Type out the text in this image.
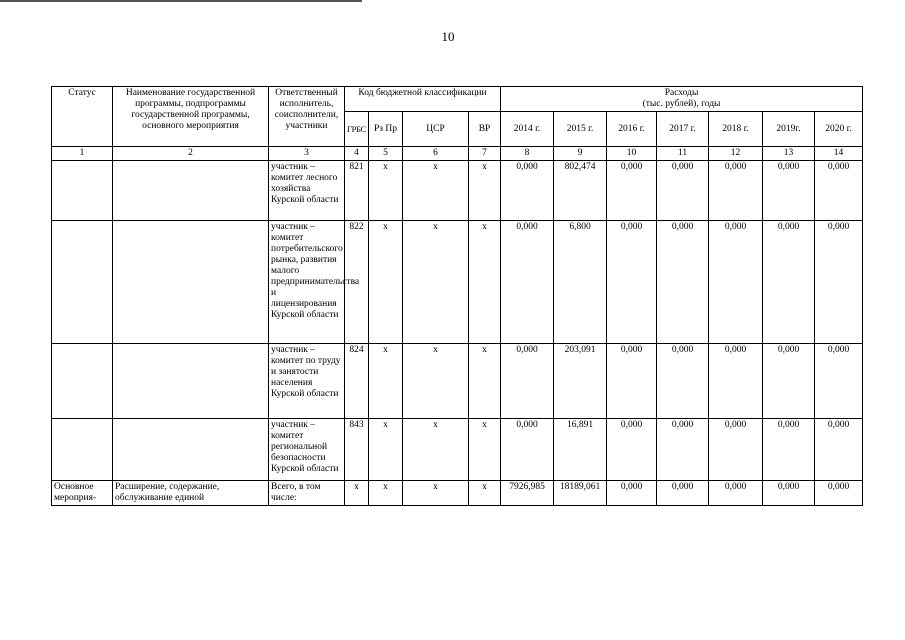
10
Статус	Наименование государственной программы, подпрограммы государственной программы, основного мероприятия	Ответственный исполнитель, соисполнители, участники	Код бюджетной классификации				Расходы
(тыс. рублей), годы						

			ГРБС	Рз Пр	ЦСР	ВР	2014 г.	2015 г.	2016 г.	2017 г.	2018 г.	2019г.	2020 г.
1	2	3	4	5	6	7	8	9	10	11	12	13	14
		участник – комитет лесного хозяйства Курской области	821	х	х	х	0,000	802,474	0,000	0,000	0,000	0,000	0,000
		участник – комитет потребительского рынка, развития малого предпринимательства и лицензирования Курской области	822	х	х	х	0,000	6,800	0,000	0,000	0,000	0,000	0,000
		участник – комитет по труду и занятости населения Курской области	824	х	х	х	0,000	203,091	0,000	0,000	0,000	0,000	0,000
		участник – комитет региональной безопасности Курской области	843	х	х	х	0,000	16,891	0,000	0,000	0,000	0,000	0,000
Основное мероприя-	Расширение, содержание, обслуживание единой	Всего, в том числе:	х	х	х	х	7926,985	18189,061	0,000	0,000	0,000	0,000	0,000
